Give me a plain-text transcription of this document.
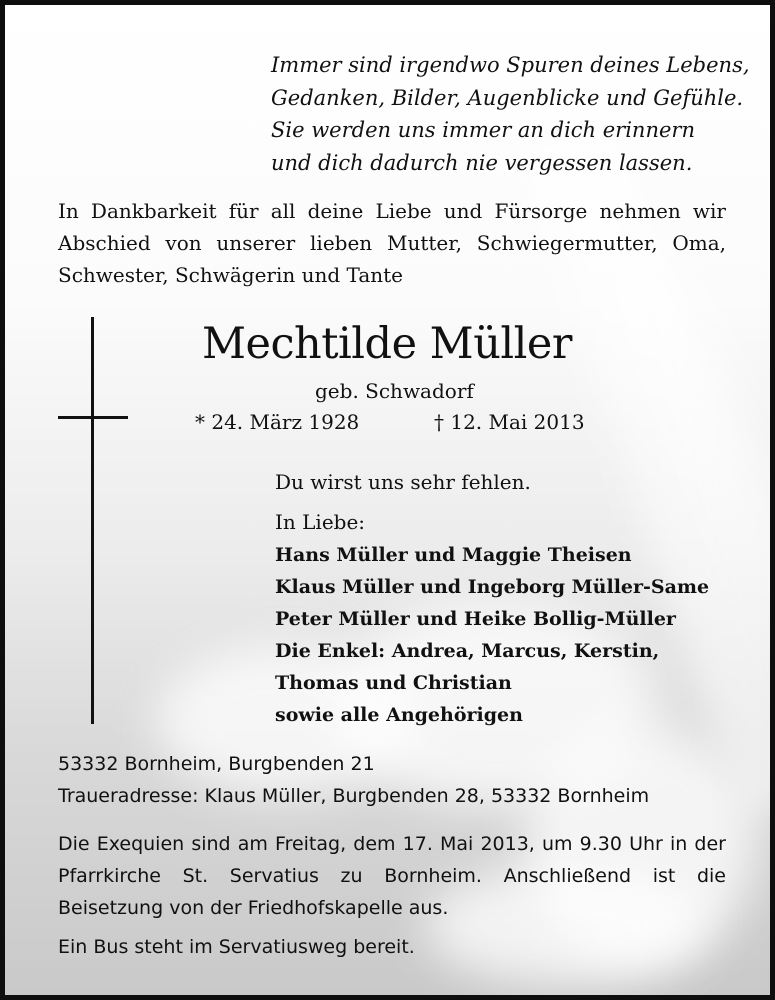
Immer sind irgendwo Spuren deines Lebens,
Gedanken, Bilder, Augenblicke und Gefühle.
Sie werden uns immer an dich erinnern
und dich dadurch nie vergessen lassen.
In Dankbarkeit für all deine Liebe und Fürsorge nehmen wir Abschied von unserer lieben Mutter, Schwiegermutter, Oma, Schwester, Schwägerin und Tante
Mechtilde Müller
geb. Schwadorf
* 24. März 1928	† 12. Mai 2013
Du wirst uns sehr fehlen.
In Liebe:
Hans Müller und Maggie Theisen
Klaus Müller und Ingeborg Müller-Same
Peter Müller und Heike Bollig-Müller
Die Enkel: Andrea, Marcus, Kerstin,
Thomas und Christian
sowie alle Angehörigen
53332 Bornheim, Burgbenden 21
Traueradresse: Klaus Müller, Burgbenden 28, 53332 Bornheim
Die Exequien sind am Freitag, dem 17. Mai 2013, um 9.30 Uhr in der Pfarrkirche St. Servatius zu Bornheim. Anschließend ist die Beisetzung von der Friedhofskapelle aus.
Ein Bus steht im Servatiusweg bereit.
